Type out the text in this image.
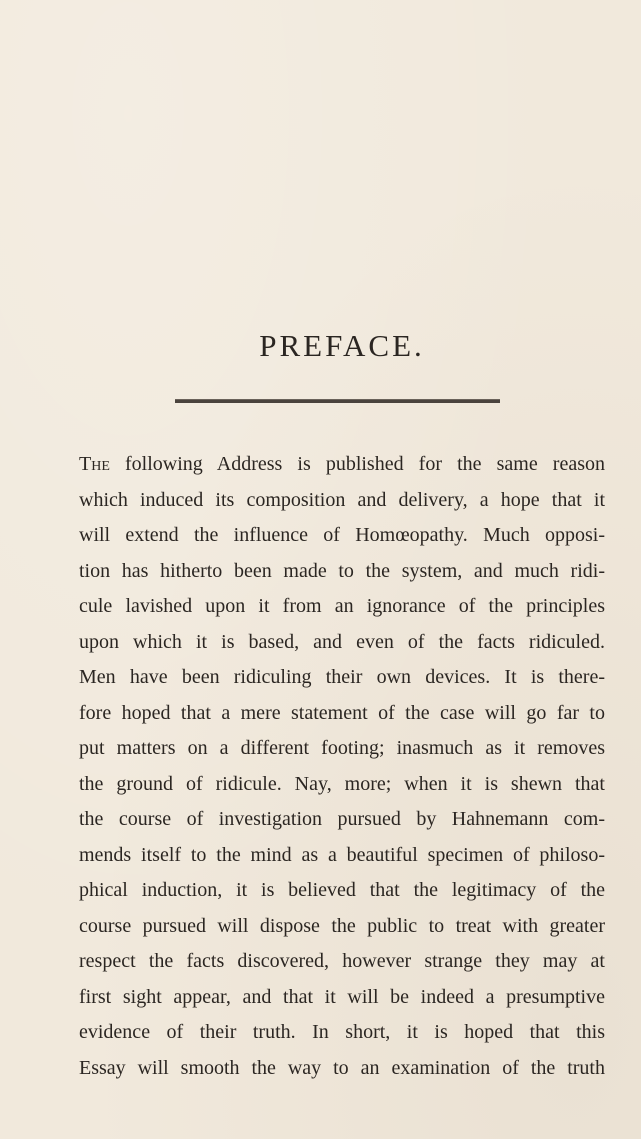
PREFACE.
The following Address is published for the same reason
which induced its composition and delivery, a hope that it
will extend the influence of Homœopathy. Much opposi-
tion has hitherto been made to the system, and much ridi-
cule lavished upon it from an ignorance of the principles
upon which it is based, and even of the facts ridiculed.
Men have been ridiculing their own devices. It is there-
fore hoped that a mere statement of the case will go far to
put matters on a different footing; inasmuch as it removes
the ground of ridicule. Nay, more; when it is shewn that
the course of investigation pursued by Hahnemann com-
mends itself to the mind as a beautiful specimen of philoso-
phical induction, it is believed that the legitimacy of the
course pursued will dispose the public to treat with greater
respect the facts discovered, however strange they may at
first sight appear, and that it will be indeed a presumptive
evidence of their truth. In short, it is hoped that this
Essay will smooth the way to an examination of the truth
